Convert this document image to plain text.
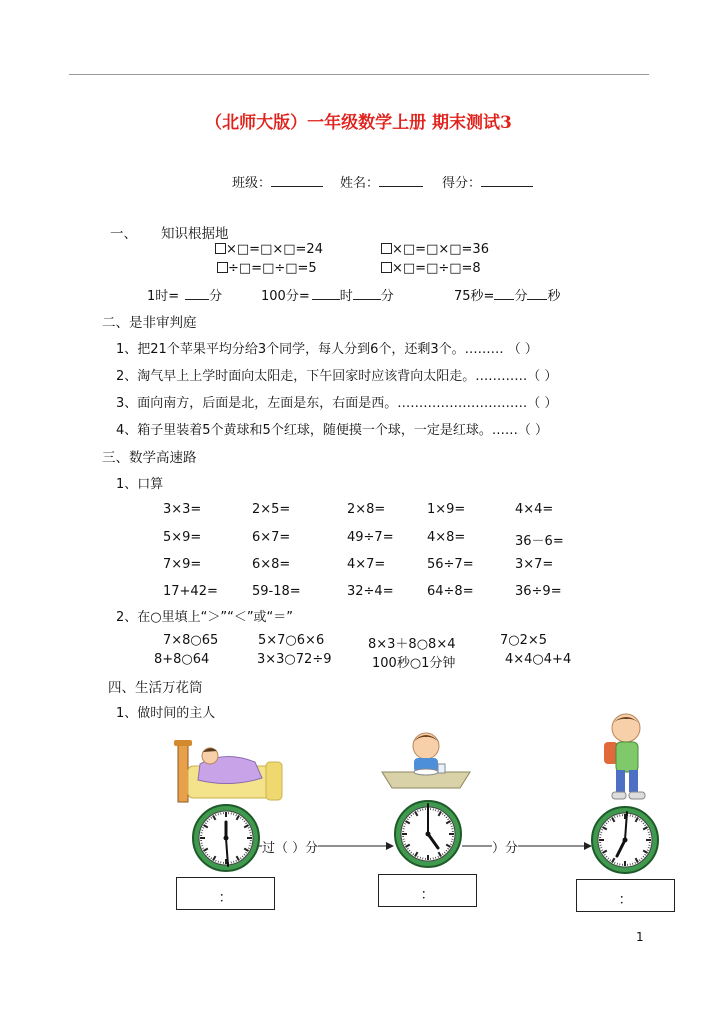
（北师大版）一年级数学上册 期末测试3
班级：	姓名：	得分：
一、 知识根据地
×□=□×□=24	×□=□×□=36
÷□=□÷□=5	×□=□÷□=8
1时= 分	100分= 时 分	75秒= 分 秒
二、是非审判庭
1、把21个苹果平均分给3个同学，每人分到6个，还剩3个。……… （ ）
2、淘气早上上学时面向太阳走，下午回家时应该背向太阳走。…………（ ）
3、面向南方，后面是北，左面是东，右面是西。…………………………（ ）
4、箱子里装着5个黄球和5个红球，随便摸一个球，一定是红球。……（ ）
三、数学高速路
1、口算
3×3=	2×5=	2×8=	1×9=	4×4=
5×9=	6×7=	49÷7=	4×8=	36－6=
7×9=	6×8=	4×7=	56÷7=	3×7=
17+42=	59-18=	32÷4=	64÷8=	36÷9=
2、在○里填上“＞”“＜”或“＝”
7×8○65	5×7○6×6	8×3＋8○8×4	7○2×5
8+8○64	3×3○72÷9	100秒○1分钟	4×4○4+4
四、生活万花筒
1、做时间的主人
过（ ）分	）分
：	：	：
1
